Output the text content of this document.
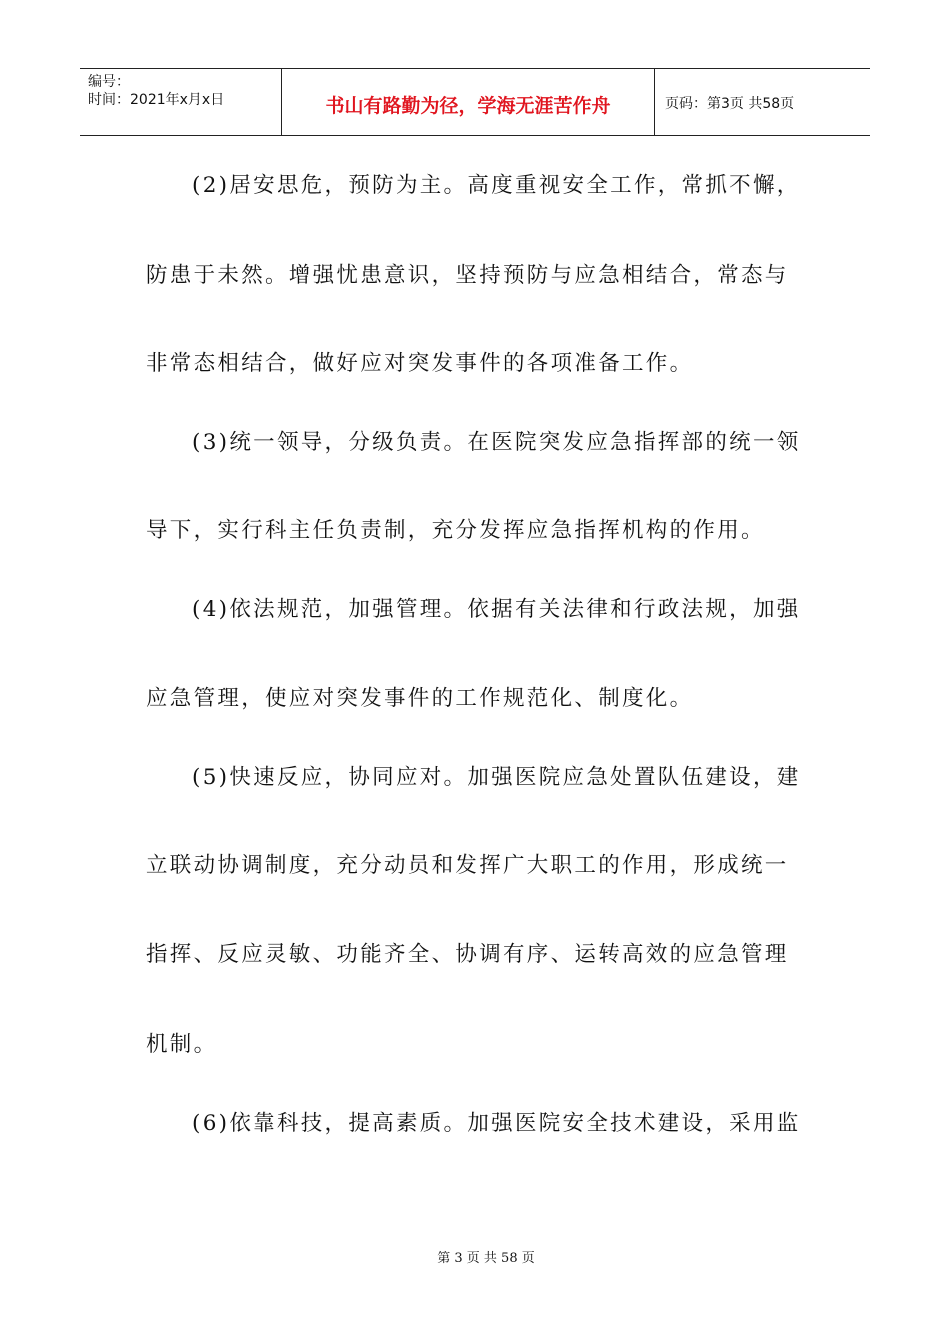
编号：
时间：2021年x月x日	书山有路勤为径，学海无涯苦作舟	页码：第3页 共58页
(2)居安思危，预防为主。高度重视安全工作，常抓不懈，
防患于未然。增强忧患意识，坚持预防与应急相结合，常态与
非常态相结合，做好应对突发事件的各项准备工作。
(3)统一领导，分级负责。在医院突发应急指挥部的统一领
导下，实行科主任负责制，充分发挥应急指挥机构的作用。
(4)依法规范，加强管理。依据有关法律和行政法规，加强
应急管理，使应对突发事件的工作规范化、制度化。
(5)快速反应，协同应对。加强医院应急处置队伍建设，建
立联动协调制度，充分动员和发挥广大职工的作用，形成统一
指挥、反应灵敏、功能齐全、协调有序、运转高效的应急管理
机制。
(6)依靠科技，提高素质。加强医院安全技术建设，采用监
第 3 页 共 58 页
